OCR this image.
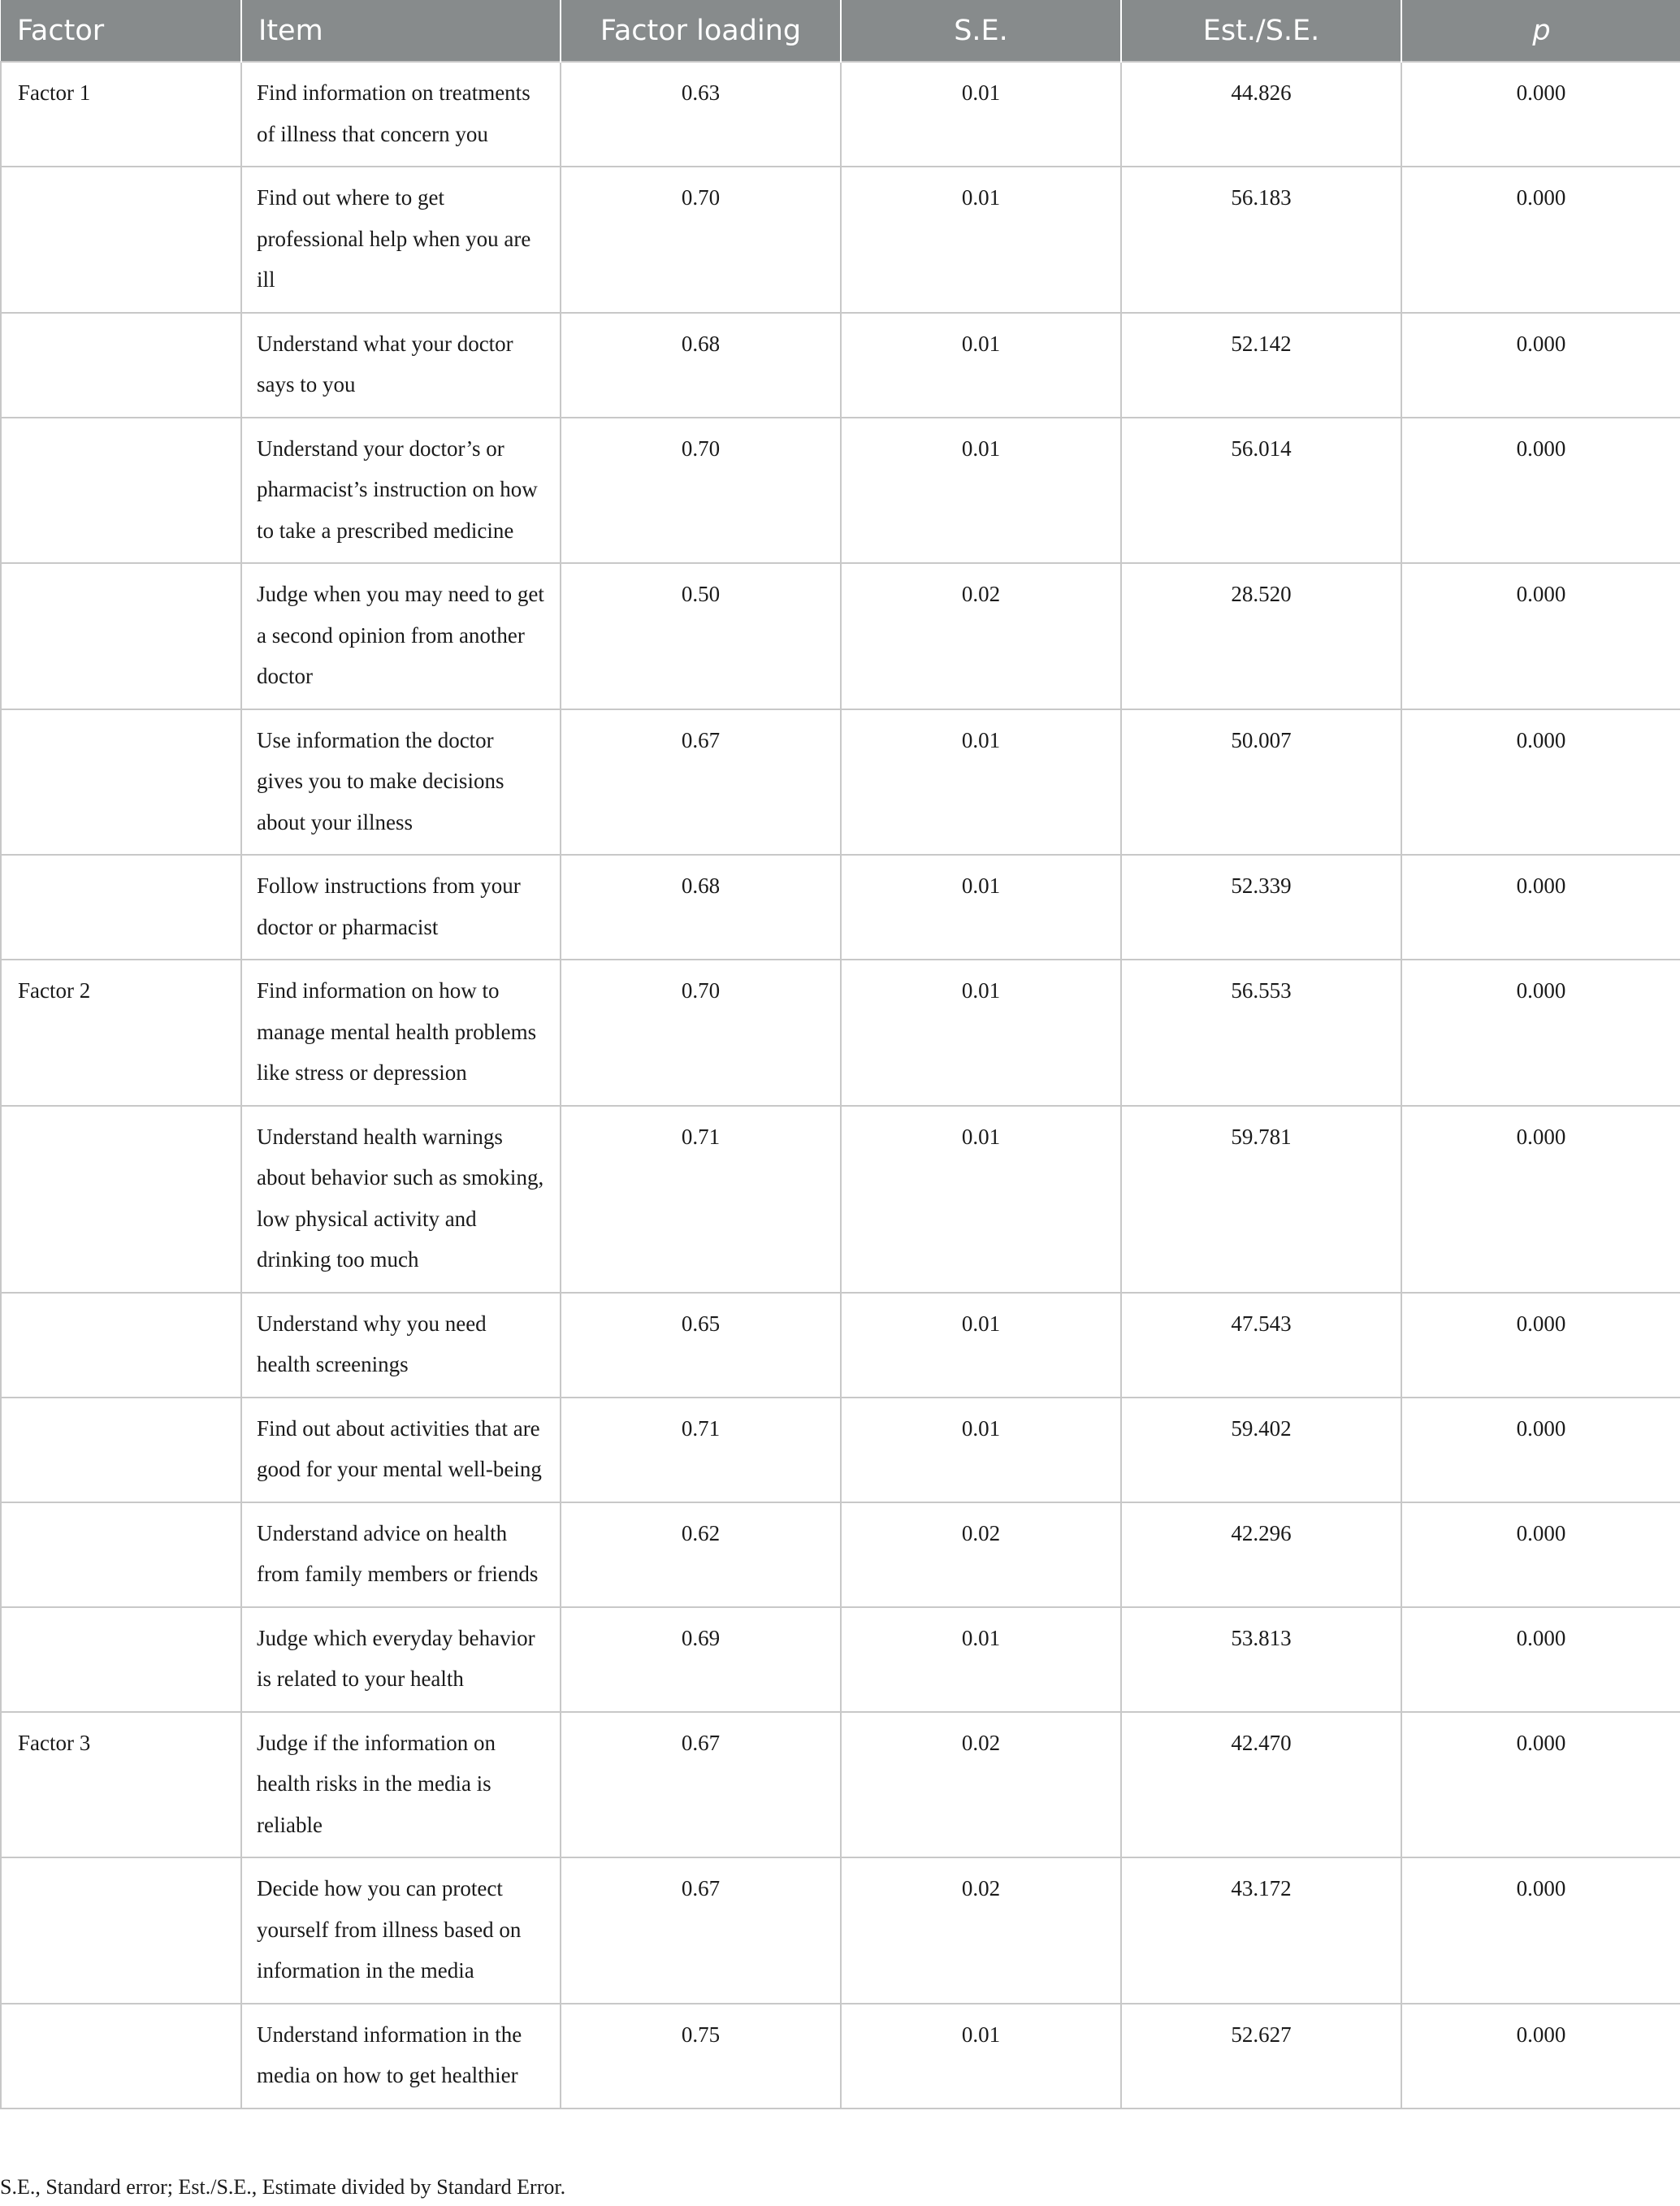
Factor	Item	Factor loading	S.E.	Est./S.E.	p
Factor 1	Find information on treatments of illness that concern you	0.63	0.01	44.826	0.000
	Find out where to get professional help when you are ill	0.70	0.01	56.183	0.000
	Understand what your doctor says to you	0.68	0.01	52.142	0.000
	Understand your doctor’s or pharmacist’s instruction on how to take a prescribed medicine	0.70	0.01	56.014	0.000
	Judge when you may need to get a second opinion from another doctor	0.50	0.02	28.520	0.000
	Use information the doctor gives you to make decisions about your illness	0.67	0.01	50.007	0.000
	Follow instructions from your doctor or pharmacist	0.68	0.01	52.339	0.000
Factor 2	Find information on how to manage mental health problems like stress or depression	0.70	0.01	56.553	0.000
	Understand health warnings about behavior such as smoking, low physical activity and drinking too much	0.71	0.01	59.781	0.000
	Understand why you need health screenings	0.65	0.01	47.543	0.000
	Find out about activities that are good for your mental well-being	0.71	0.01	59.402	0.000
	Understand advice on health from family members or friends	0.62	0.02	42.296	0.000
	Judge which everyday behavior is related to your health	0.69	0.01	53.813	0.000
Factor 3	Judge if the information on health risks in the media is reliable	0.67	0.02	42.470	0.000
	Decide how you can protect yourself from illness based on information in the media	0.67	0.02	43.172	0.000
	Understand information in the media on how to get healthier	0.75	0.01	52.627	0.000
S.E., Standard error; Est./S.E., Estimate divided by Standard Error.
